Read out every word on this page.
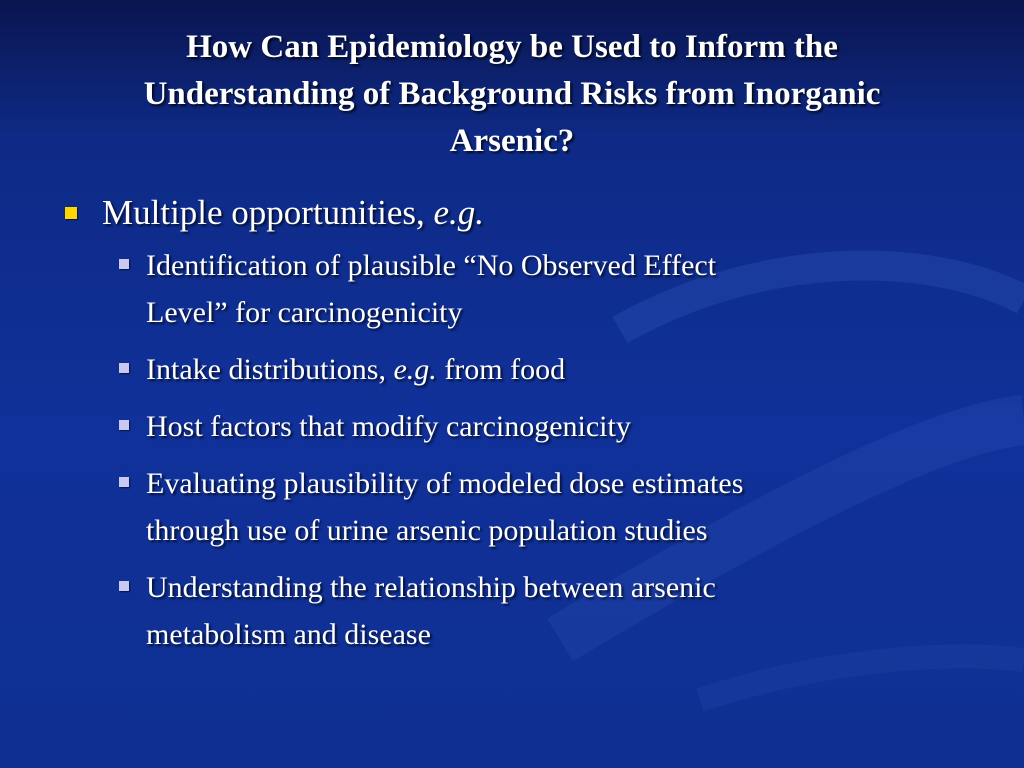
How Can Epidemiology be Used to Inform the
Understanding of Background Risks from Inorganic
Arsenic?
Multiple opportunities, e.g.
Identification of plausible “No Observed Effect
Level” for carcinogenicity
Intake distributions, e.g. from food
Host factors that modify carcinogenicity
Evaluating plausibility of modeled dose estimates
through use of urine arsenic population studies
Understanding the relationship between arsenic
metabolism and disease
